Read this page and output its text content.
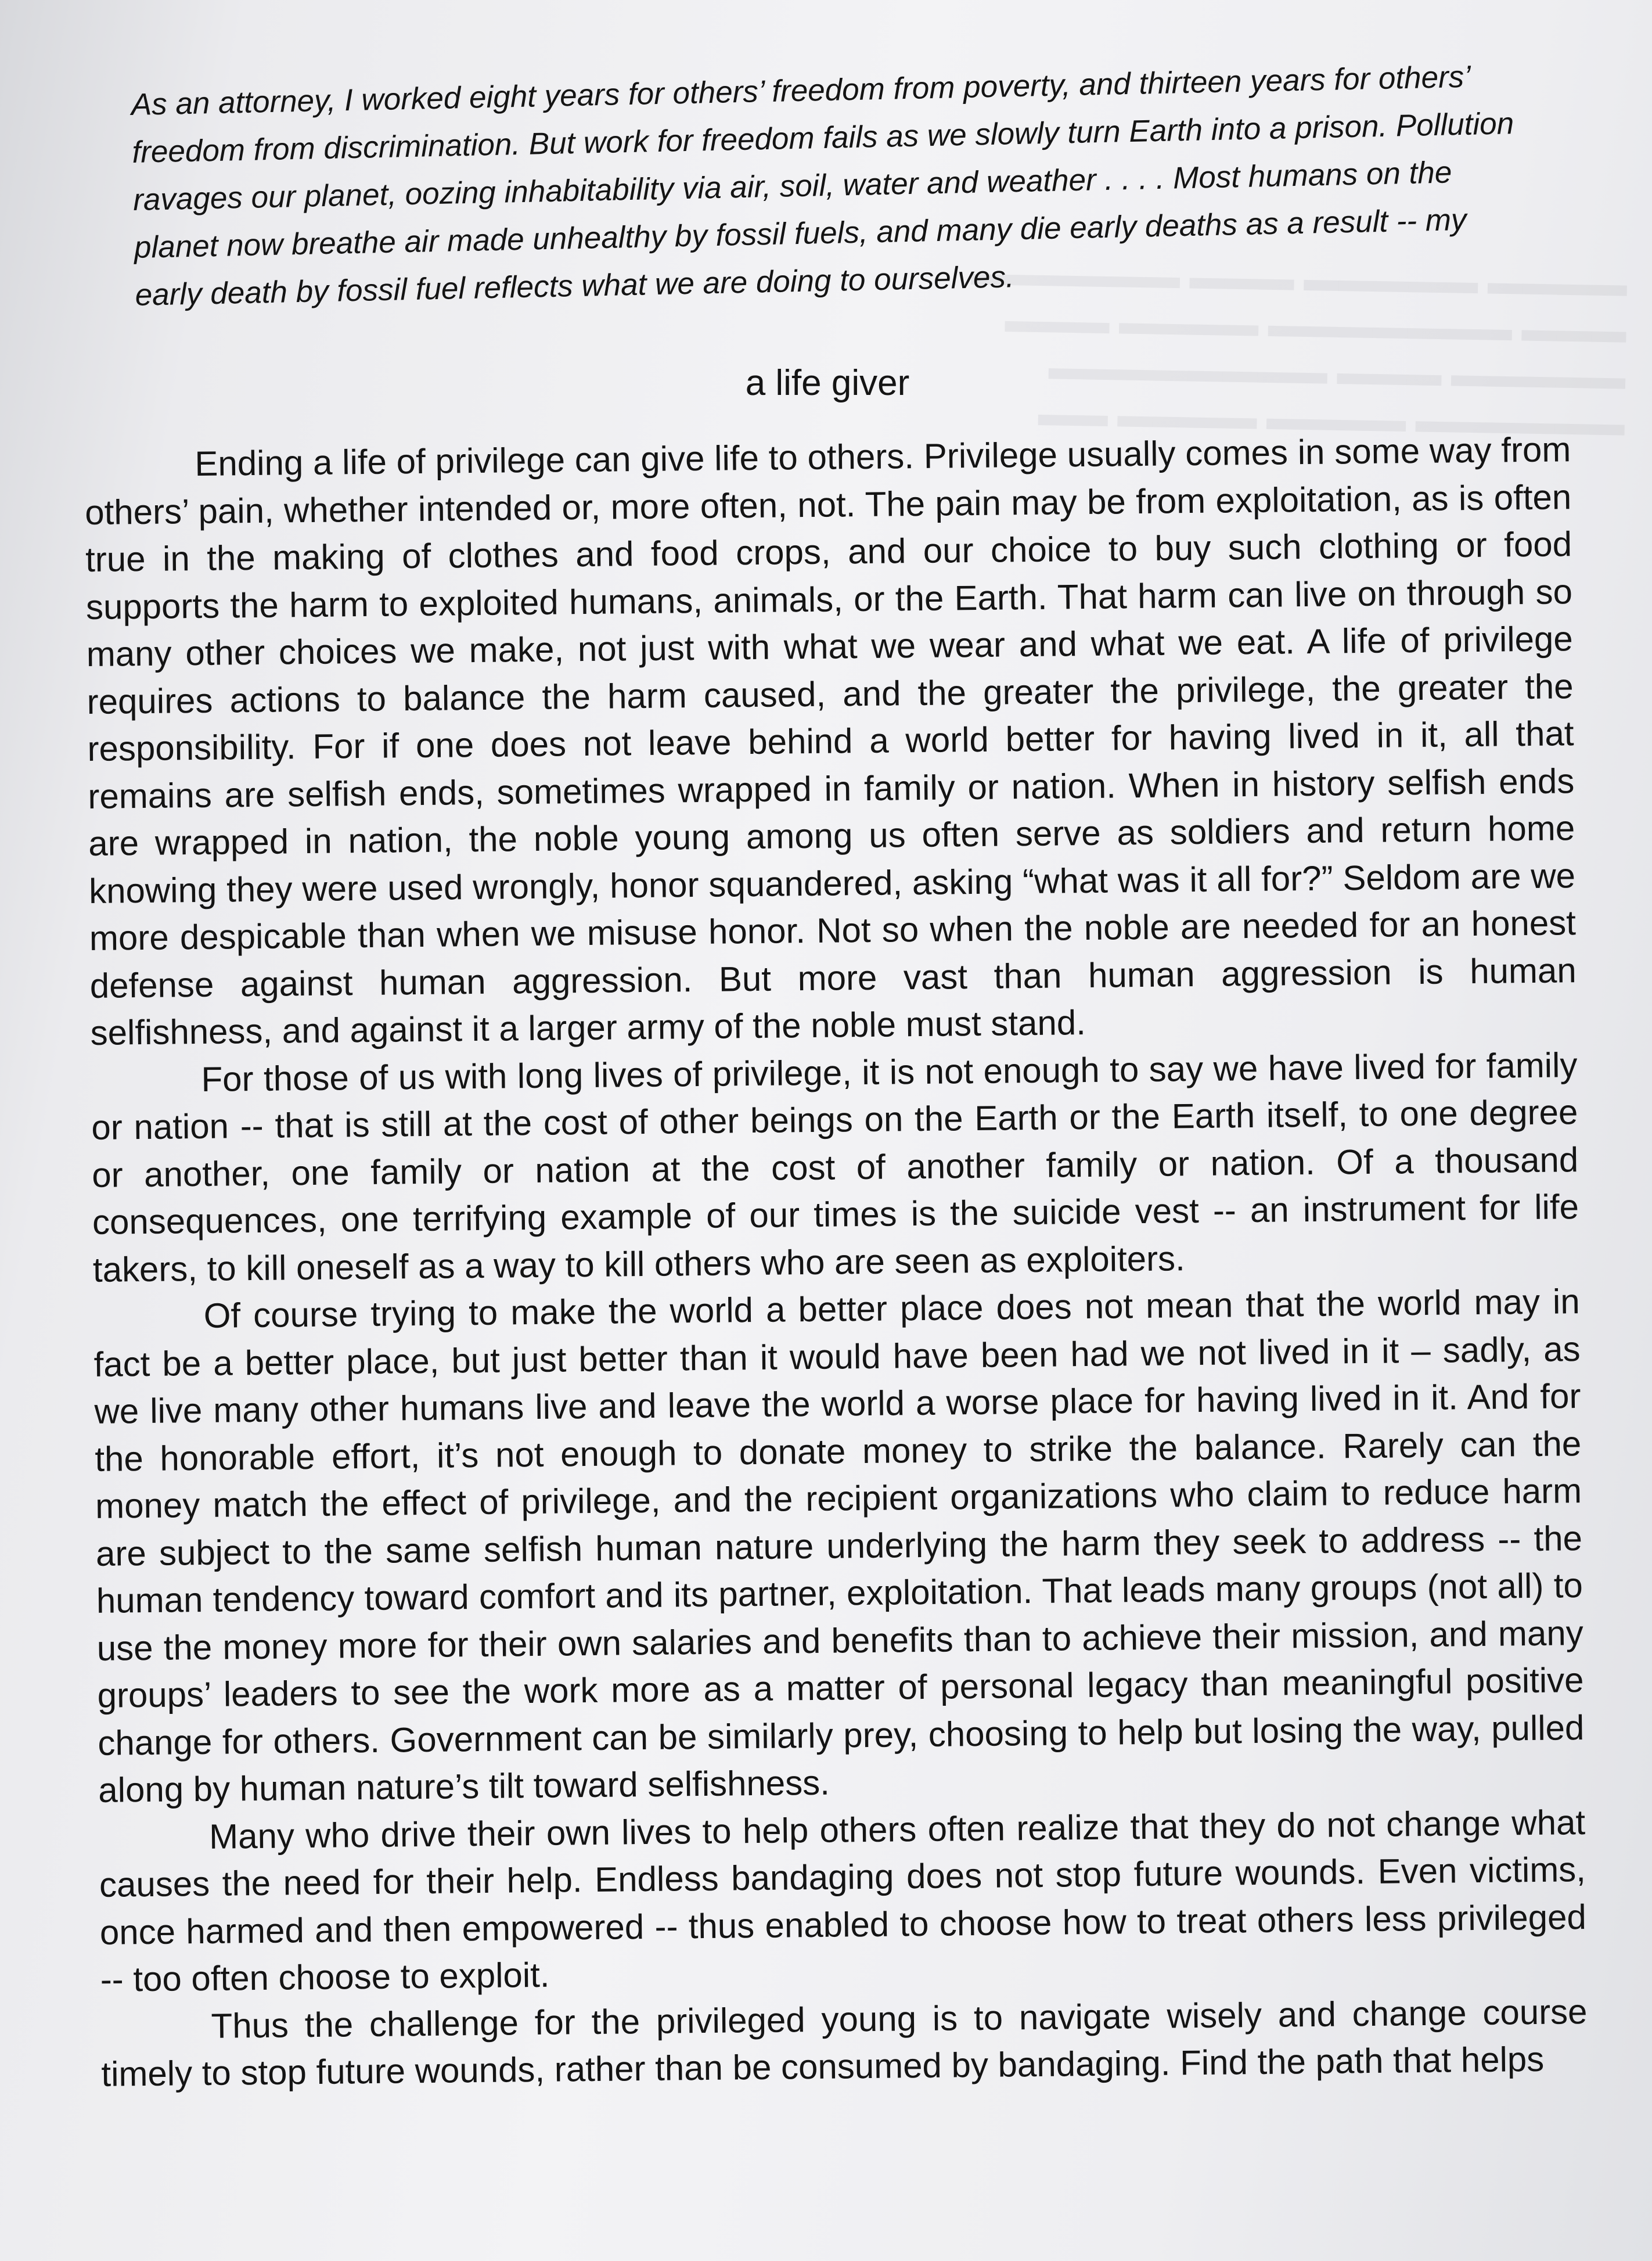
▬▬▬▬ ▬▬▬▬▬ ▬▬▬ ▬▬▬▬▬▬
▬▬▬ ▬▬▬▬▬▬▬ ▬▬▬▬ ▬▬▬
▬▬▬▬▬ ▬▬▬ ▬▬▬▬▬▬▬▬
▬▬▬▬▬▬ ▬▬▬▬ ▬▬▬▬ ▬▬

As an attorney, I worked eight years for others’ freedom from poverty, and thirteen years for others’ freedom from discrimination. But work for freedom fails as we slowly turn Earth into a prison. Pollution ravages our planet, oozing inhabitability via air, soil, water and weather . . . . Most humans on the planet now breathe air made unhealthy by fossil fuels, and many die early deaths as a result -- my early death by fossil fuel reflects what we are doing to ourselves.

a life giver

Ending a life of privilege can give life to others. Privilege usually comes in some way from others’ pain, whether intended or, more often, not. The pain may be from exploitation, as is often true in the making of clothes and food crops, and our choice to buy such clothing or food supports the harm to exploited humans, animals, or the Earth. That harm can live on through so many other choices we make, not just with what we wear and what we eat. A life of privilege requires actions to balance the harm caused, and the greater the privilege, the greater the responsibility. For if one does not leave behind a world better for having lived in it, all that remains are selfish ends, sometimes wrapped in family or nation. When in history selfish ends are wrapped in nation, the noble young among us often serve as soldiers and return home knowing they were used wrongly, honor squandered, asking “what was it all for?” Seldom are we more despicable than when we misuse honor. Not so when the noble are needed for an honest defense against human aggression. But more vast than human aggression is human selfishness, and against it a larger army of the noble must stand.

For those of us with long lives of privilege, it is not enough to say we have lived for family or nation -- that is still at the cost of other beings on the Earth or the Earth itself, to one degree or another, one family or nation at the cost of another family or nation. Of a thousand consequences, one terrifying example of our times is the suicide vest -- an instrument for life takers, to kill oneself as a way to kill others who are seen as exploiters.

Of course trying to make the world a better place does not mean that the world may in fact be a better place, but just better than it would have been had we not lived in it – sadly, as we live many other humans live and leave the world a worse place for having lived in it. And for the honorable effort, it’s not enough to donate money to strike the balance. Rarely can the money match the effect of privilege, and the recipient organizations who claim to reduce harm are subject to the same selfish human nature underlying the harm they seek to address -- the human tendency toward comfort and its partner, exploitation. That leads many groups (not all) to use the money more for their own salaries and benefits than to achieve their mission, and many groups’ leaders to see the work more as a matter of personal legacy than meaningful positive change for others. Government can be similarly prey, choosing to help but losing the way, pulled along by human nature’s tilt toward selfishness.

Many who drive their own lives to help others often realize that they do not change what causes the need for their help. Endless bandaging does not stop future wounds. Even victims, once harmed and then empowered -- thus enabled to choose how to treat others less privileged -- too often choose to exploit.

Thus the challenge for the privileged young is to navigate wisely and change course timely to stop future wounds, rather than be consumed by bandaging. Find the path that helps
